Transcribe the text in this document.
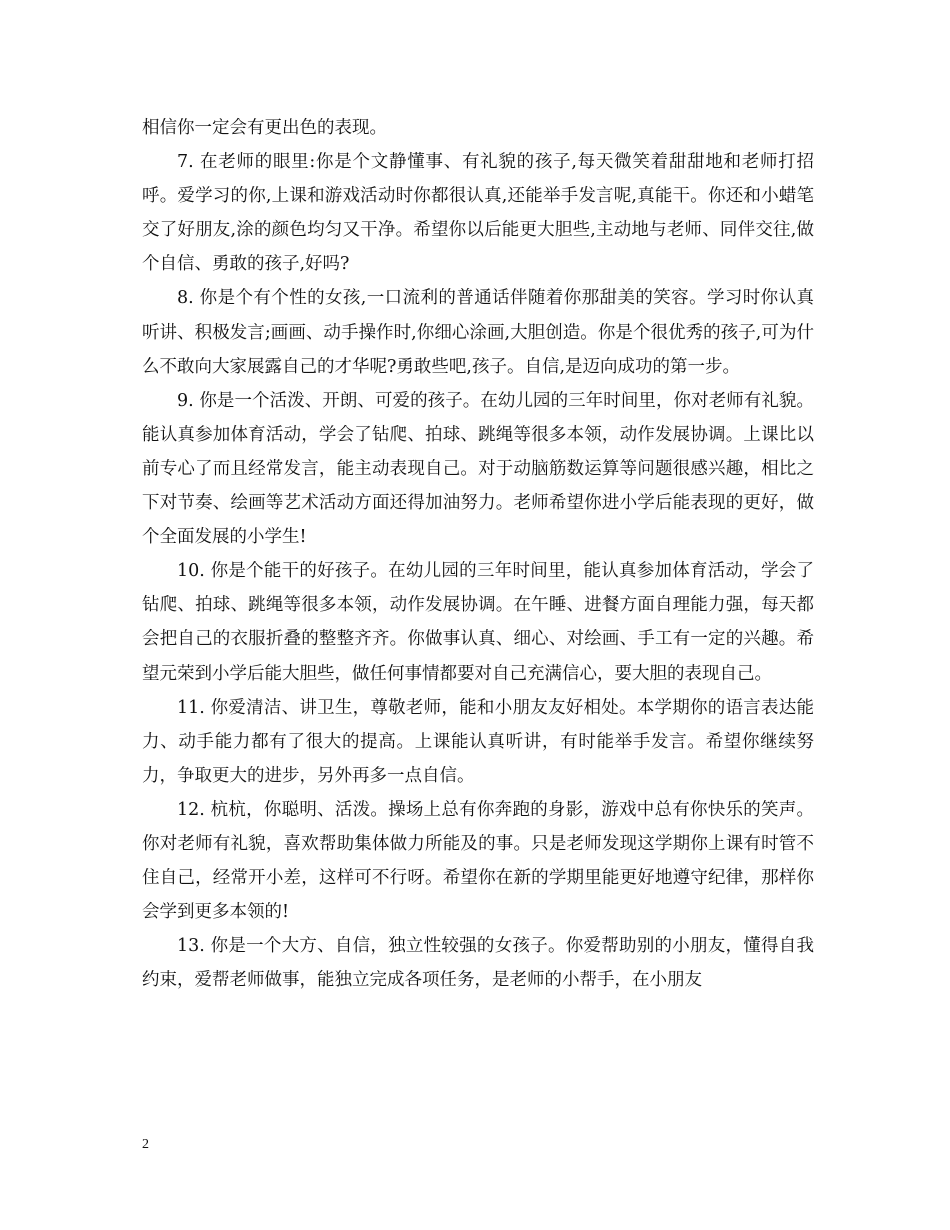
相信你一定会有更出色的表现。

7. 在老师的眼里:你是个文静懂事、有礼貌的孩子,每天微笑着甜甜地和老师打招呼。爱学习的你,上课和游戏活动时你都很认真,还能举手发言呢,真能干。你还和小蜡笔交了好朋友,涂的颜色均匀又干净。希望你以后能更大胆些,主动地与老师、同伴交往,做个自信、勇敢的孩子,好吗?

8. 你是个有个性的女孩,一口流利的普通话伴随着你那甜美的笑容。学习时你认真听讲、积极发言;画画、动手操作时,你细心涂画,大胆创造。你是个很优秀的孩子,可为什么不敢向大家展露自己的才华呢?勇敢些吧,孩子。自信,是迈向成功的第一步。

9. 你是一个活泼、开朗、可爱的孩子。在幼儿园的三年时间里，你对老师有礼貌。能认真参加体育活动，学会了钻爬、拍球、跳绳等很多本领，动作发展协调。上课比以前专心了而且经常发言，能主动表现自己。对于动脑筋数运算等问题很感兴趣，相比之下对节奏、绘画等艺术活动方面还得加油努力。老师希望你进小学后能表现的更好，做个全面发展的小学生!

10. 你是个能干的好孩子。在幼儿园的三年时间里，能认真参加体育活动，学会了钻爬、拍球、跳绳等很多本领，动作发展协调。在午睡、进餐方面自理能力强，每天都会把自己的衣服折叠的整整齐齐。你做事认真、细心、对绘画、手工有一定的兴趣。希望元荣到小学后能大胆些，做任何事情都要对自己充满信心，要大胆的表现自己。

11. 你爱清洁、讲卫生，尊敬老师，能和小朋友友好相处。本学期你的语言表达能力、动手能力都有了很大的提高。上课能认真听讲，有时能举手发言。希望你继续努力，争取更大的进步，另外再多一点自信。

12. 杭杭，你聪明、活泼。操场上总有你奔跑的身影，游戏中总有你快乐的笑声。你对老师有礼貌，喜欢帮助集体做力所能及的事。只是老师发现这学期你上课有时管不住自己，经常开小差，这样可不行呀。希望你在新的学期里能更好地遵守纪律，那样你会学到更多本领的!

13. 你是一个大方、自信，独立性较强的女孩子。你爱帮助别的小朋友，懂得自我约束，爱帮老师做事，能独立完成各项任务，是老师的小帮手，在小朋友

2
